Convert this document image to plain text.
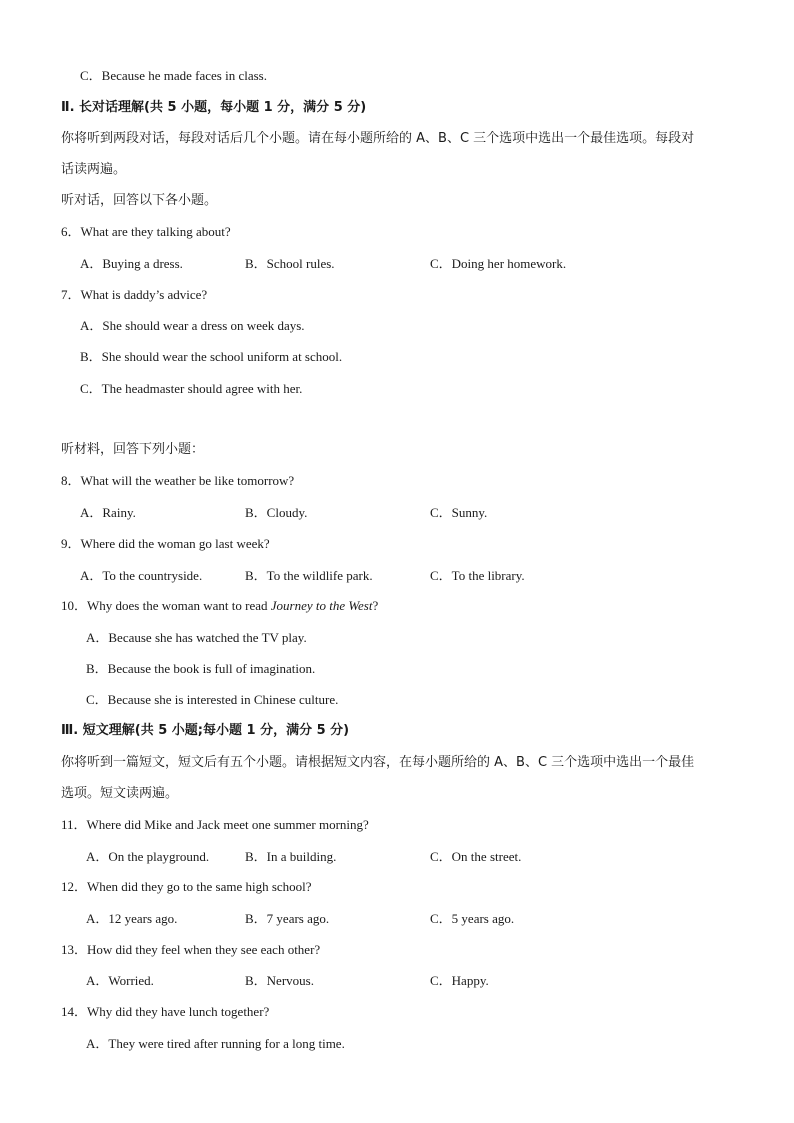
C．Because he made faces in class.
Ⅱ. 长对话理解(共 5 小题，每小题 1 分，满分 5 分)
你将听到两段对话，每段对话后几个小题。请在每小题所给的 A、B、C 三个选项中选出一个最佳选项。每段对
话读两遍。
听对话，回答以下各小题。
6．What are they talking about?
A．Buying a dress.	B．School rules.	C．Doing her homework.
7．What is daddy’s advice?
A．She should wear a dress on week days.
B．She should wear the school uniform at school.
C．The headmaster should agree with her.
听材料，回答下列小题：
8．What will the weather be like tomorrow?
A．Rainy.	B．Cloudy.	C．Sunny.
9．Where did the woman go last week?
A．To the countryside.	B．To the wildlife park.	C．To the library.
10．Why does the woman want to read Journey to the West?
A．Because she has watched the TV play.
B．Because the book is full of imagination.
C．Because she is interested in Chinese culture.
Ⅲ. 短文理解(共 5 小题;每小题 1 分，满分 5 分)
你将听到一篇短文，短文后有五个小题。请根据短文内容，在每小题所给的 A、B、C 三个选项中选出一个最佳
选项。短文读两遍。
11．Where did Mike and Jack meet one summer morning?
A．On the playground.	B．In a building.	C．On the street.
12．When did they go to the same high school?
A．12 years ago.	B．7 years ago.	C．5 years ago.
13．How did they feel when they see each other?
A．Worried.	B．Nervous.	C．Happy.
14．Why did they have lunch together?
A．They were tired after running for a long time.
